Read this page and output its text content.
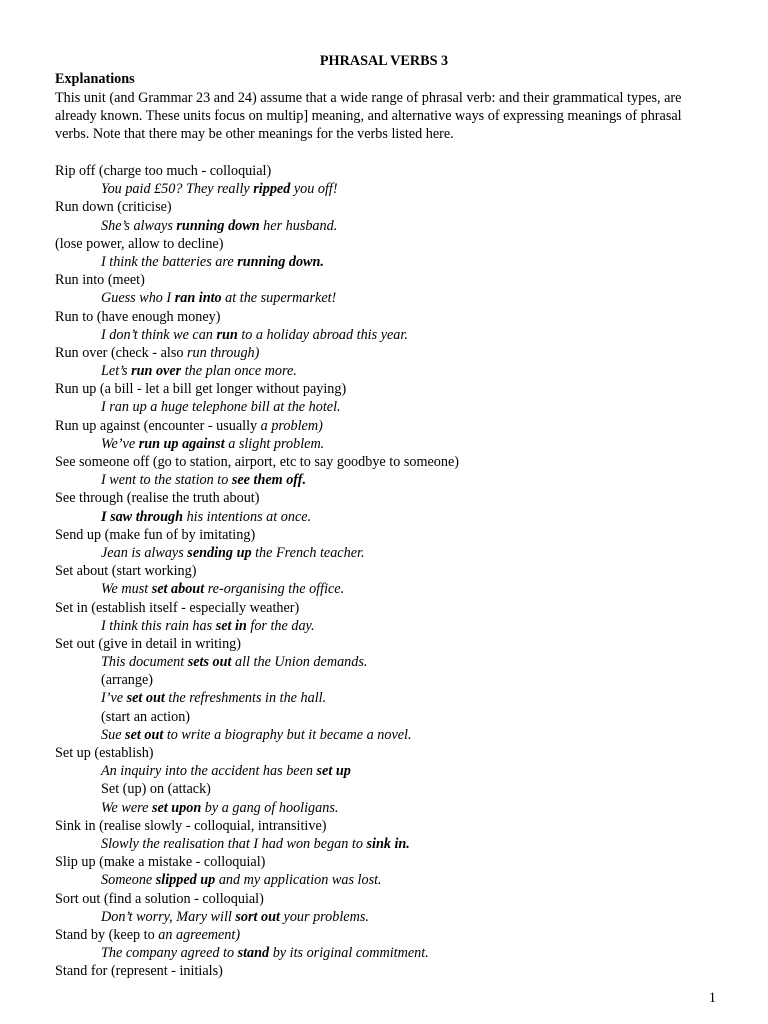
PHRASAL VERBS 3
Explanations
This unit (and Grammar 23 and 24) assume that a wide range of phrasal verb: and their grammatical types, are already known. These units focus on multip] meaning, and alternative ways of expressing meanings of phrasal verbs. Note that there may be other meanings for the verbs listed here.
Rip off (charge too much - colloquial)
You paid £50? They really ripped you off!
Run down (criticise)
She’s always running down her husband.
(lose power, allow to decline)
I think the batteries are running down.
Run into (meet)
Guess who I ran into at the supermarket!
Run to (have enough money)
I don’t think we can run to a holiday abroad this year.
Run over (check - also run through)
Let’s run over the plan once more.
Run up (a bill - let a bill get longer without paying)
I ran up a huge telephone bill at the hotel.
Run up against (encounter - usually a problem)
We’ve run up against a slight problem.
See someone off (go to station, airport, etc to say goodbye to someone)
I went to the station to see them off.
See through (realise the truth about)
I saw through his intentions at once.
Send up (make fun of by imitating)
Jean is always sending up the French teacher.
Set about (start working)
We must set about re-organising the office.
Set in (establish itself - especially weather)
I think this rain has set in for the day.
Set out (give in detail in writing)
This document sets out all the Union demands.
(arrange)
I’ve set out the refreshments in the hall.
(start an action)
Sue set out to write a biography but it became a novel.
Set up (establish)
An inquiry into the accident has been set up
Set (up) on (attack)
We were set upon by a gang of hooligans.
Sink in (realise slowly - colloquial, intransitive)
Slowly the realisation that I had won began to sink in.
Slip up (make a mistake - colloquial)
Someone slipped up and my application was lost.
Sort out (find a solution - colloquial)
Don’t worry, Mary will sort out your problems.
Stand by (keep to an agreement)
The company agreed to stand by its original commitment.
Stand for (represent - initials)
1
